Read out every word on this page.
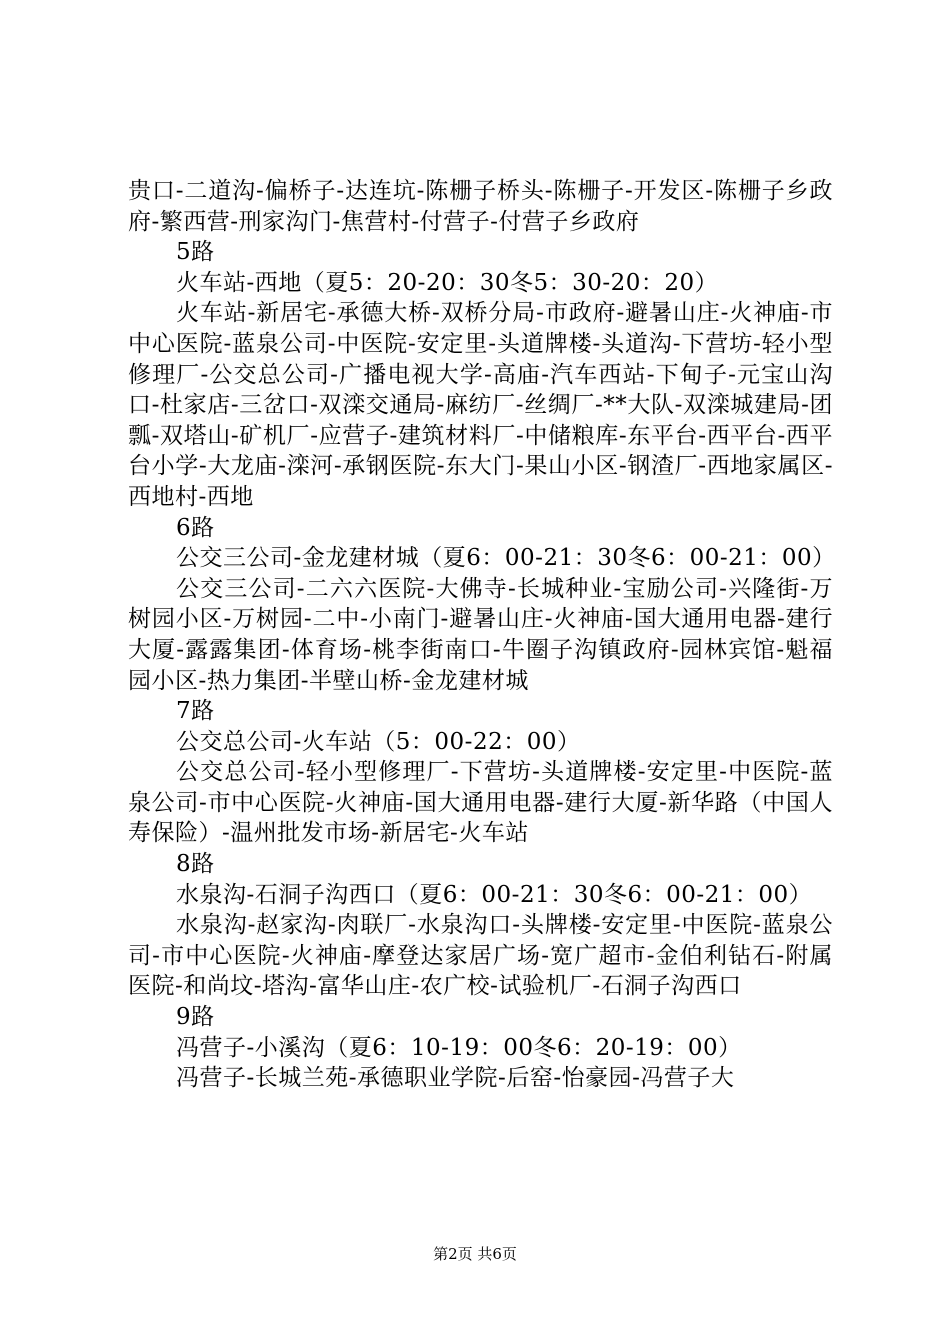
贵口-二道沟-偏桥子-达连坑-陈栅子桥头-陈栅子-开发区-陈栅子乡政府-繁西营-刑家沟门-焦营村-付营子-付营子乡政府

5路

火车站-西地（夏5：20-20：30冬5：30-20：20）

火车站-新居宅-承德大桥-双桥分局-市政府-避暑山庄-火神庙-市中心医院-蓝泉公司-中医院-安定里-头道牌楼-头道沟-下营坊-轻小型修理厂-公交总公司-广播电视大学-高庙-汽车西站-下甸子-元宝山沟口-杜家店-三岔口-双滦交通局-麻纺厂-丝绸厂-**大队-双滦城建局-团瓢-双塔山-矿机厂-应营子-建筑材料厂-中储粮库-东平台-西平台-西平台小学-大龙庙-滦河-承钢医院-东大门-果山小区-钢渣厂-西地家属区-西地村-西地

6路

公交三公司-金龙建材城（夏6：00-21：30冬6：00-21：00）

公交三公司-二六六医院-大佛寺-长城种业-宝励公司-兴隆街-万树园小区-万树园-二中-小南门-避暑山庄-火神庙-国大通用电器-建行大厦-露露集团-体育场-桃李街南口-牛圈子沟镇政府-园林宾馆-魁福园小区-热力集团-半壁山桥-金龙建材城

7路

公交总公司-火车站（5：00-22：00）

公交总公司-轻小型修理厂-下营坊-头道牌楼-安定里-中医院-蓝泉公司-市中心医院-火神庙-国大通用电器-建行大厦-新华路（中国人寿保险）-温州批发市场-新居宅-火车站

8路

水泉沟-石洞子沟西口（夏6：00-21：30冬6：00-21：00）

水泉沟-赵家沟-肉联厂-水泉沟口-头牌楼-安定里-中医院-蓝泉公司-市中心医院-火神庙-摩登达家居广场-宽广超市-金伯利钻石-附属医院-和尚坟-塔沟-富华山庄-农广校-试验机厂-石洞子沟西口

9路

冯营子-小溪沟（夏6：10-19：00冬6：20-19：00）

冯营子-长城兰苑-承德职业学院-后窑-怡豪园-冯营子大

第2页 共6页
